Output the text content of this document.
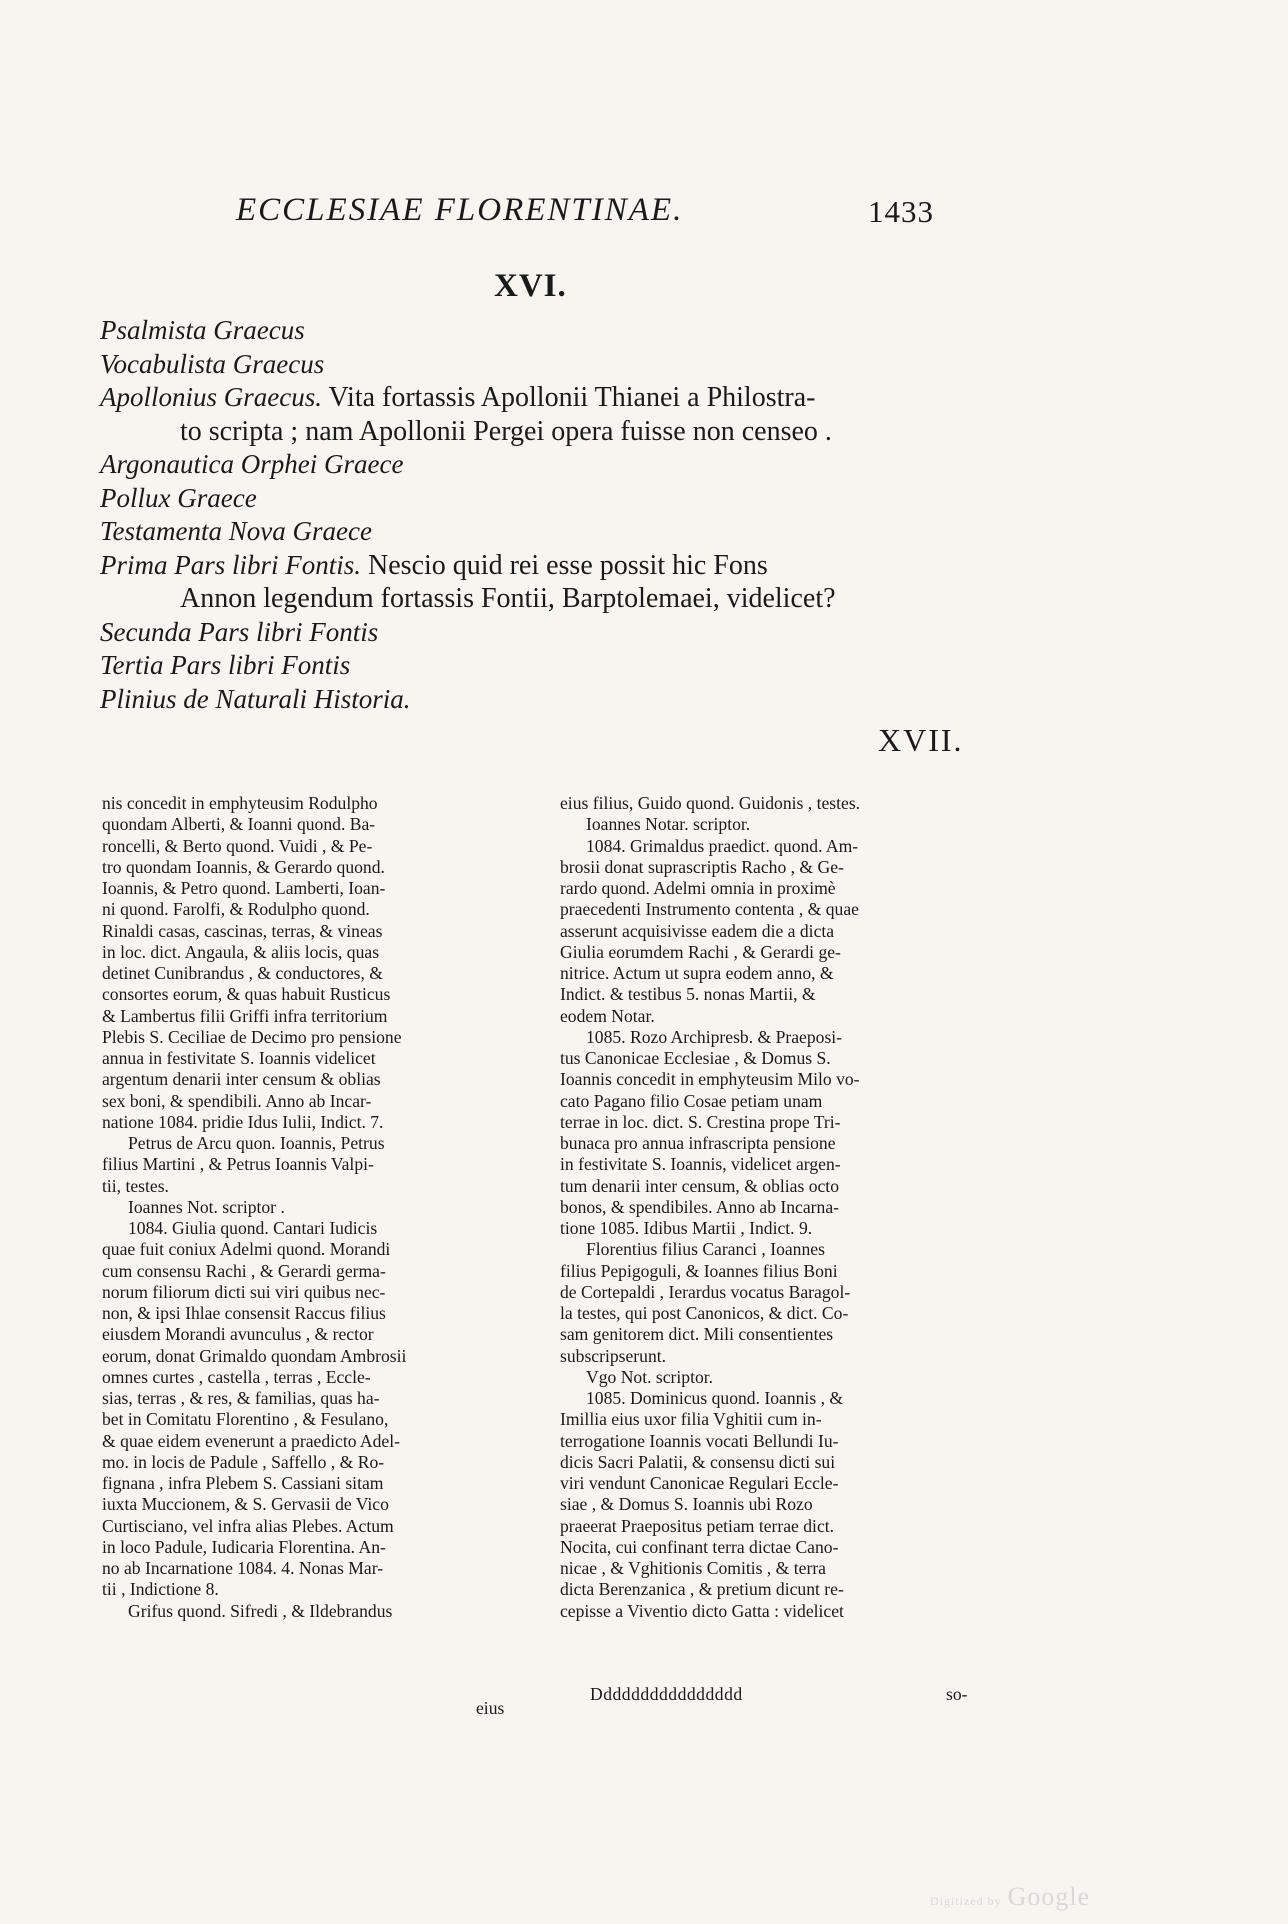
ECCLESIAE FLORENTINAE.	1433
XVI.
Psalmista Graecus
Vocabulista Graecus
Apollonius Graecus. Vita fortassis Apollonii Thianei a Philostra-
to scripta ; nam Apollonii Pergei opera fuisse non censeo .
Argonautica Orphei Graece
Pollux Graece
Testamenta Nova Graece
Prima Pars libri Fontis. Nescio quid rei esse possit hic Fons
Annon legendum fortassis Fontii, Barptolemaei, videlicet?
Secunda Pars libri Fontis
Tertia Pars libri Fontis
Plinius de Naturali Historia.
XVII.
nis concedit in emphyteusim Rodulpho
quondam Alberti, & Ioanni quond. Ba-
roncelli, & Berto quond. Vuidi , & Pe-
tro quondam Ioannis, & Gerardo quond.
Ioannis, & Petro quond. Lamberti, Ioan-
ni quond. Farolfi, & Rodulpho quond.
Rinaldi casas, cascinas, terras, & vineas
in loc. dict. Angaula, & aliis locis, quas
detinet Cunibrandus , & conductores, &
consortes eorum, & quas habuit Rusticus
& Lambertus filii Griffi infra territorium
Plebis S. Ceciliae de Decimo pro pensione
annua in festivitate S. Ioannis videlicet
argentum denarii inter censum & oblias
sex boni, & spendibili. Anno ab Incar-
natione 1084. pridie Idus Iulii, Indict. 7.
Petrus de Arcu quon. Ioannis, Petrus
filius Martini , & Petrus Ioannis Valpi-
tii, testes.
Ioannes Not. scriptor .
1084. Giulia quond. Cantari Iudicis
quae fuit coniux Adelmi quond. Morandi
cum consensu Rachi , & Gerardi germa-
norum filiorum dicti sui viri quibus nec-
non, & ipsi Ihlae consensit Raccus filius
eiusdem Morandi avunculus , & rector
eorum, donat Grimaldo quondam Ambrosii
omnes curtes , castella , terras , Eccle-
sias, terras , & res, & familias, quas ha-
bet in Comitatu Florentino , & Fesulano,
& quae eidem evenerunt a praedicto Adel-
mo. in locis de Padule , Saffello , & Ro-
fignana , infra Plebem S. Cassiani sitam
iuxta Muccionem, & S. Gervasii de Vico
Curtisciano, vel infra alias Plebes. Actum
in loco Padule, Iudicaria Florentina. An-
no ab Incarnatione 1084. 4. Nonas Mar-
tii , Indictione 8.
Grifus quond. Sifredi , & Ildebrandus
eius filius, Guido quond. Guidonis , testes.
Ioannes Notar. scriptor.
1084. Grimaldus praedict. quond. Am-
brosii donat suprascriptis Racho , & Ge-
rardo quond. Adelmi omnia in proximè
praecedenti Instrumento contenta , & quae
asserunt acquisivisse eadem die a dicta
Giulia eorumdem Rachi , & Gerardi ge-
nitrice. Actum ut supra eodem anno, &
Indict. & testibus 5. nonas Martii, &
eodem Notar.
1085. Rozo Archipresb. & Praeposi-
tus Canonicae Ecclesiae , & Domus S.
Ioannis concedit in emphyteusim Milo vo-
cato Pagano filio Cosae petiam unam
terrae in loc. dict. S. Crestina prope Tri-
bunaca pro annua infrascripta pensione
in festivitate S. Ioannis, videlicet argen-
tum denarii inter censum, & oblias octo
bonos, & spendibiles. Anno ab Incarna-
tione 1085. Idibus Martii , Indict. 9.
Florentius filius Caranci , Ioannes
filius Pepigoguli, & Ioannes filius Boni
de Cortepaldi , Ierardus vocatus Baragol-
la testes, qui post Canonicos, & dict. Co-
sam genitorem dict. Mili consentientes
subscripserunt.
Vgo Not. scriptor.
1085. Dominicus quond. Ioannis , &
Imillia eius uxor filia Vghitii cum in-
terrogatione Ioannis vocati Bellundi Iu-
dicis Sacri Palatii, & consensu dicti sui
viri vendunt Canonicae Regulari Eccle-
siae , & Domus S. Ioannis ubi Rozo
praeerat Praepositus petiam terrae dict.
Nocita, cui confinant terra dictae Cano-
nicae , & Vghitionis Comitis , & terra
dicta Berenzanica , & pretium dicunt re-
cepisse a Viventio dicto Gatta : videlicet
eius
Dddddddddddddddd	so-
Digitized by Google
